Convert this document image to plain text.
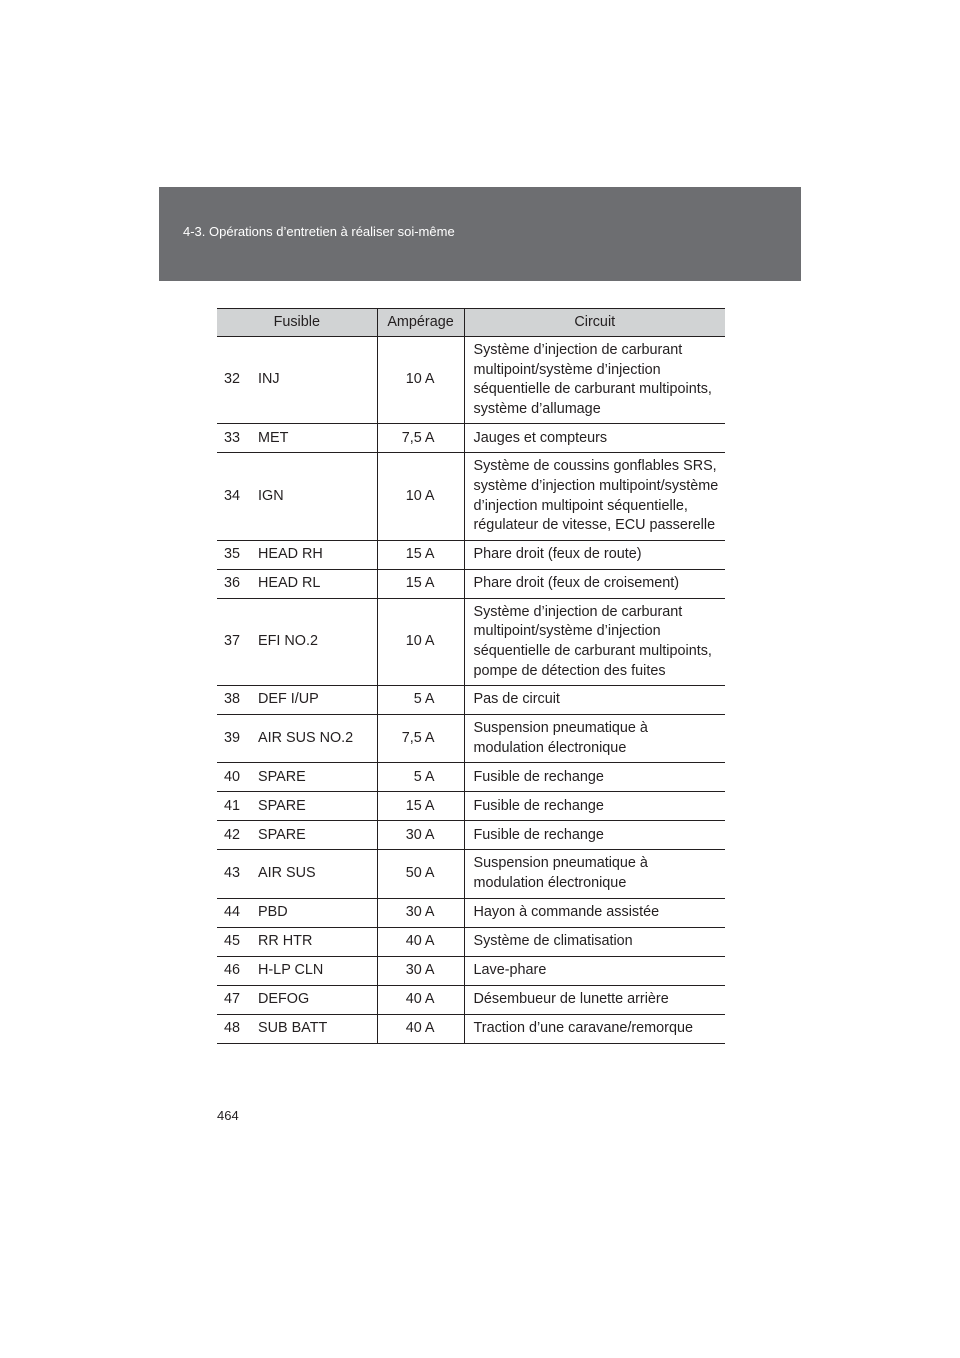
4-3. Opérations d’entretien à réaliser soi-même
Fusible		Ampérage	Circuit
32	INJ	10 A	Système d’injection de carburant multipoint/système d’injection séquentielle de carburant multipoints, système d’allumage
33	MET	7,5 A	Jauges et compteurs
34	IGN	10 A	Système de coussins gonflables SRS, système d’injection multipoint/système d’injection multipoint séquentielle, régulateur de vitesse, ECU passerelle
35	HEAD RH	15 A	Phare droit (feux de route)
36	HEAD RL	15 A	Phare droit (feux de croisement)
37	EFI NO.2	10 A	Système d’injection de carburant multipoint/système d’injection séquentielle de carburant multipoints, pompe de détection des fuites
38	DEF I/UP	5 A	Pas de circuit
39	AIR SUS NO.2	7,5 A	Suspension pneumatique à modulation électronique
40	SPARE	5 A	Fusible de rechange
41	SPARE	15 A	Fusible de rechange
42	SPARE	30 A	Fusible de rechange
43	AIR SUS	50 A	Suspension pneumatique à modulation électronique
44	PBD	30 A	Hayon à commande assistée
45	RR HTR	40 A	Système de climatisation
46	H-LP CLN	30 A	Lave-phare
47	DEFOG	40 A	Désembueur de lunette arrière
48	SUB BATT	40 A	Traction d’une caravane/remorque
464
